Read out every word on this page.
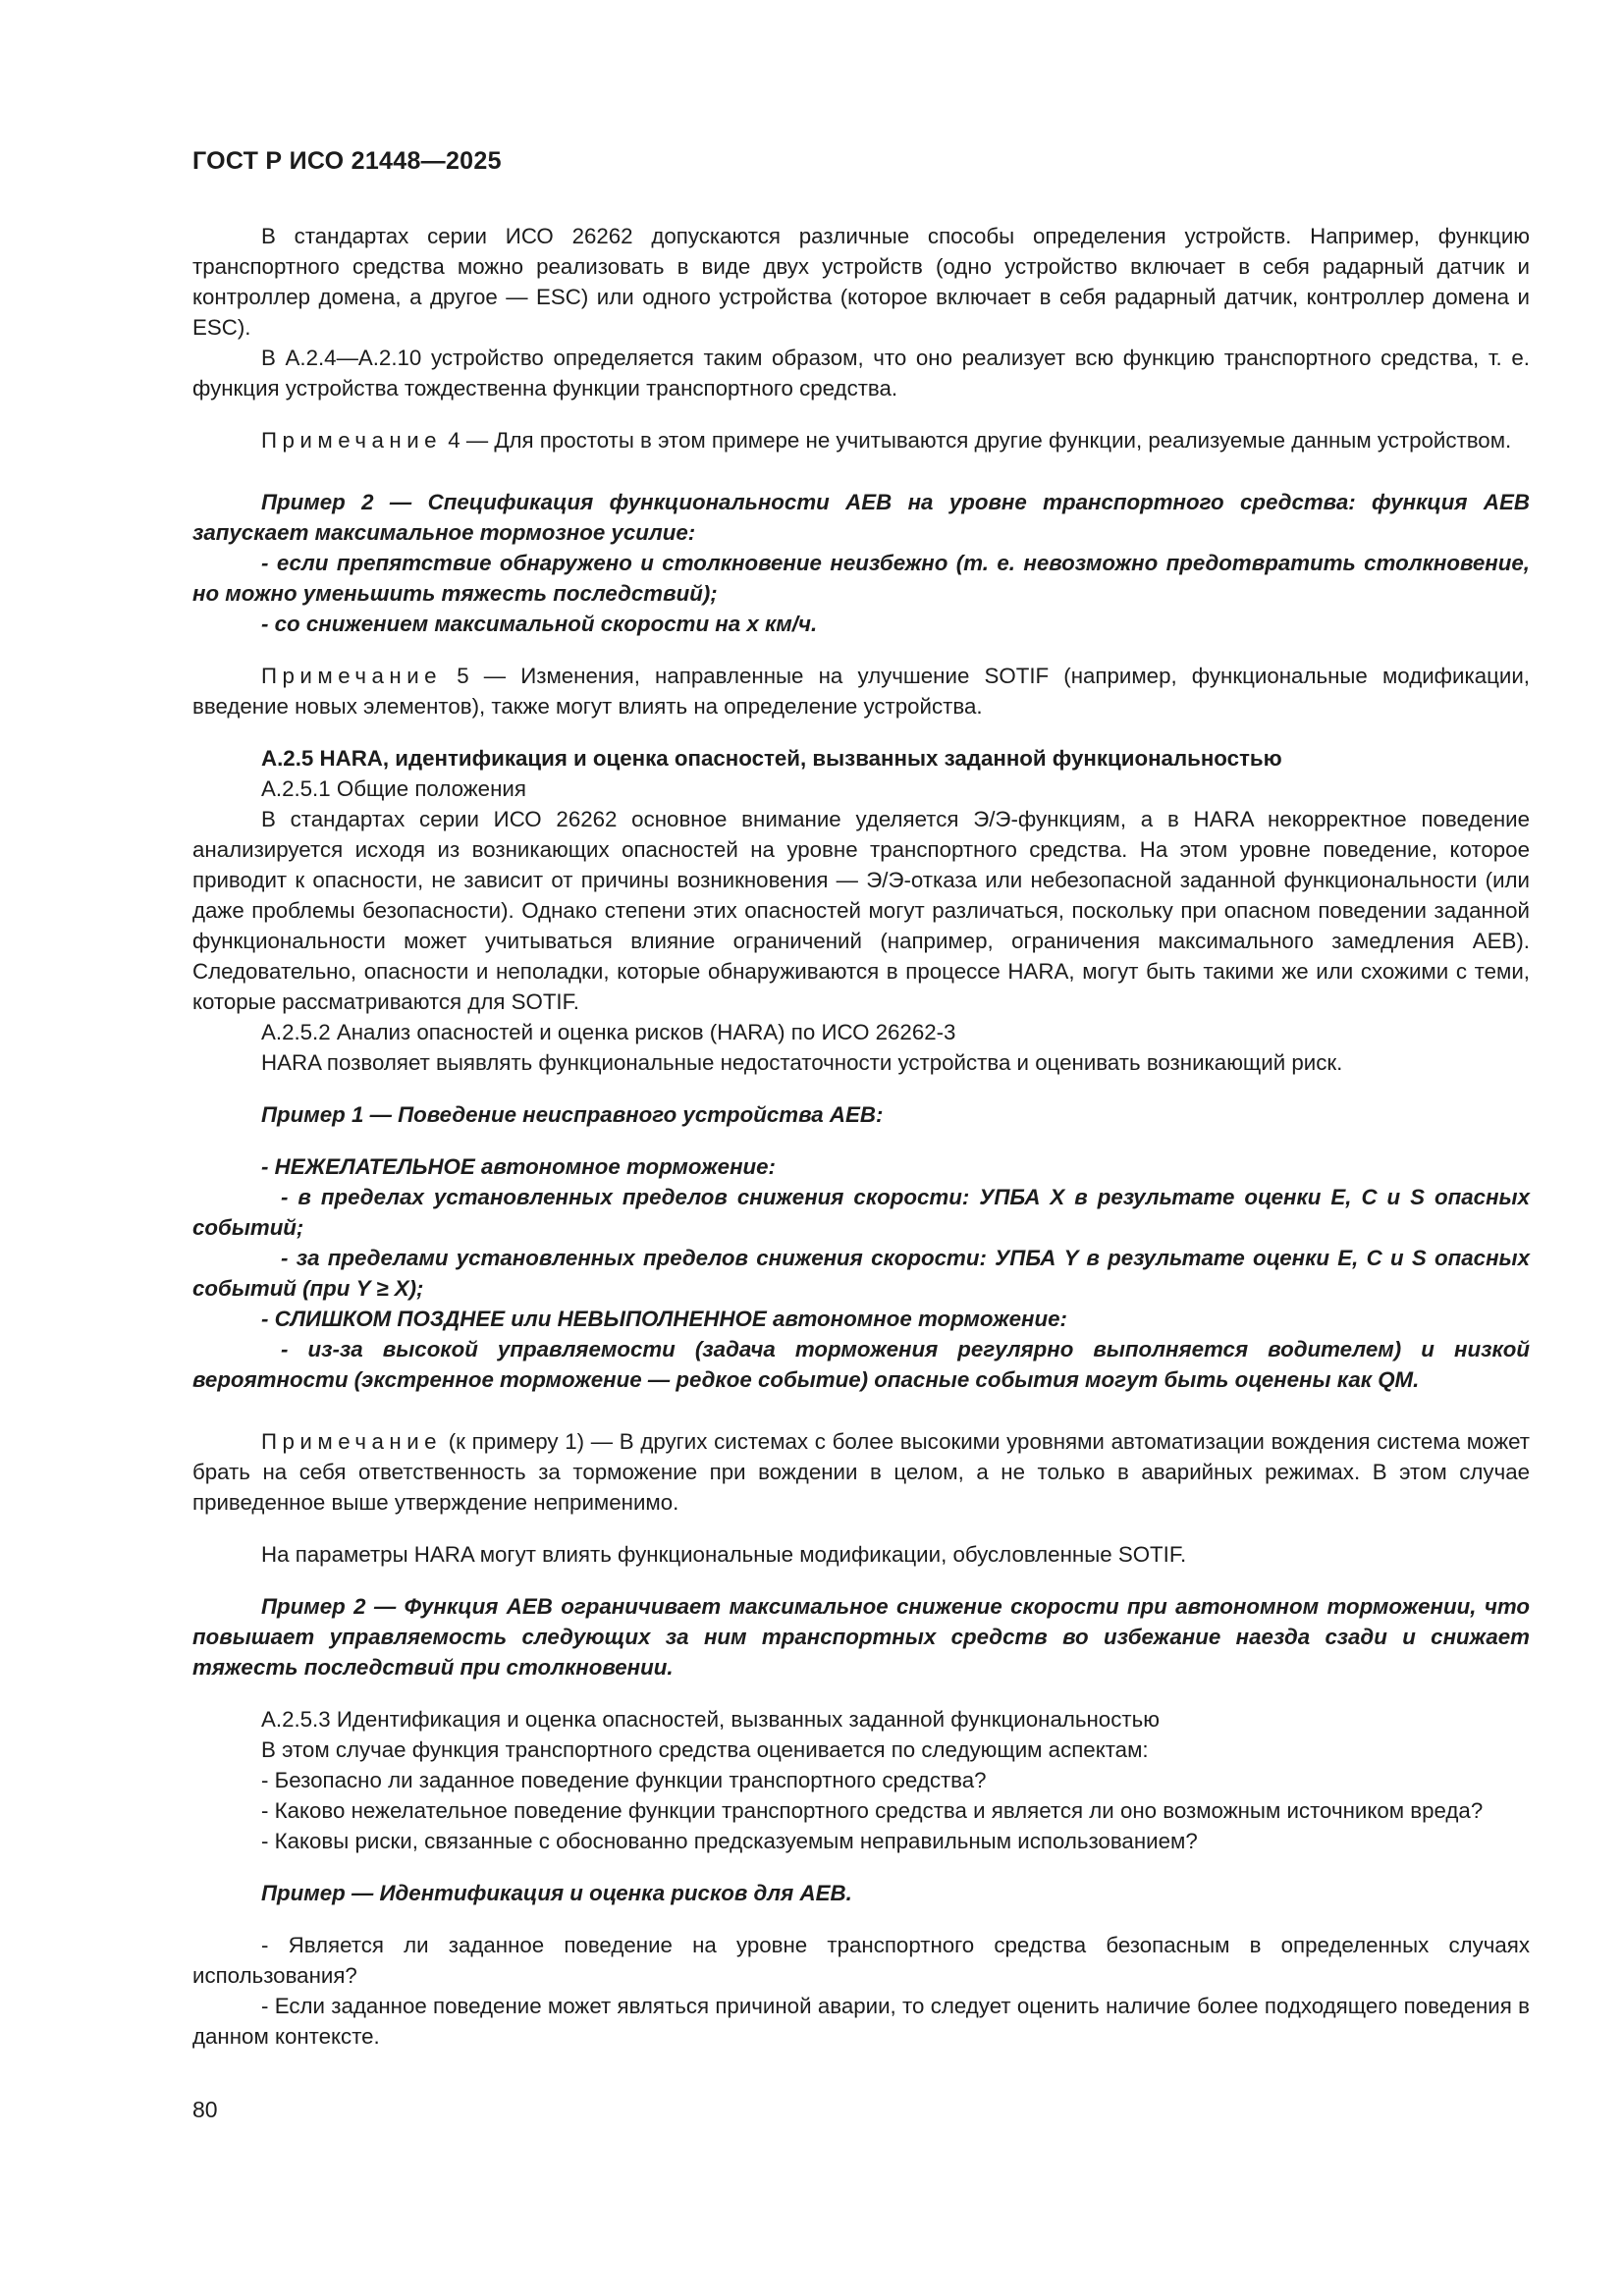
ГОСТ Р ИСО 21448—2025

В стандартах серии ИСО 26262 допускаются различные способы определения устройств. Например, функцию транспортного средства можно реализовать в виде двух устройств (одно устройство включает в себя радарный датчик и контроллер домена, а другое — ESC) или одного устройства (которое включает в себя радарный датчик, контроллер домена и ESC).

В А.2.4—А.2.10 устройство определяется таким образом, что оно реализует всю функцию транспортного средства, т. е. функция устройства тождественна функции транспортного средства.

Примечание 4 — Для простоты в этом примере не учитываются другие функции, реализуемые данным устройством.

Пример 2 — Спецификация функциональности AEB на уровне транспортного средства: функция AEB запускает максимальное тормозное усилие:

- если препятствие обнаружено и столкновение неизбежно (т. е. невозможно предотвратить столкновение, но можно уменьшить тяжесть последствий);

- со снижением максимальной скорости на х км/ч.

Примечание 5 — Изменения, направленные на улучшение SOTIF (например, функциональные модификации, введение новых элементов), также могут влиять на определение устройства.

А.2.5 HARA, идентификация и оценка опасностей, вызванных заданной функциональностью

А.2.5.1 Общие положения

В стандартах серии ИСО 26262 основное внимание уделяется Э/Э-функциям, а в HARA некорректное поведение анализируется исходя из возникающих опасностей на уровне транспортного средства. На этом уровне поведение, которое приводит к опасности, не зависит от причины возникновения — Э/Э-отказа или небезопасной заданной функциональности (или даже проблемы безопасности). Однако степени этих опасностей могут различаться, поскольку при опасном поведении заданной функциональности может учитываться влияние ограничений (например, ограничения максимального замедления AEB). Следовательно, опасности и неполадки, которые обнаруживаются в процессе HARA, могут быть такими же или схожими с теми, которые рассматриваются для SOTIF.

А.2.5.2 Анализ опасностей и оценка рисков (HARA) по ИСО 26262-3

HARA позволяет выявлять функциональные недостаточности устройства и оценивать возникающий риск.

Пример 1 — Поведение неисправного устройства AEB:

- НЕЖЕЛАТЕЛЬНОЕ автономное торможение:

- в пределах установленных пределов снижения скорости: УПБА X в результате оценки E, C и S опасных событий;

- за пределами установленных пределов снижения скорости: УПБА Y в результате оценки E, C и S опасных событий (при Y ≥ X);

- СЛИШКОМ ПОЗДНЕЕ или НЕВЫПОЛНЕННОЕ автономное торможение:

- из-за высокой управляемости (задача торможения регулярно выполняется водителем) и низкой вероятности (экстренное торможение — редкое событие) опасные события могут быть оценены как QM.

Примечание (к примеру 1) — В других системах с более высокими уровнями автоматизации вождения система может брать на себя ответственность за торможение при вождении в целом, а не только в аварийных режимах. В этом случае приведенное выше утверждение неприменимо.

На параметры HARA могут влиять функциональные модификации, обусловленные SOTIF.

Пример 2 — Функция AEB ограничивает максимальное снижение скорости при автономном торможении, что повышает управляемость следующих за ним транспортных средств во избежание наезда сзади и снижает тяжесть последствий при столкновении.

А.2.5.3 Идентификация и оценка опасностей, вызванных заданной функциональностью

В этом случае функция транспортного средства оценивается по следующим аспектам:

- Безопасно ли заданное поведение функции транспортного средства?

- Каково нежелательное поведение функции транспортного средства и является ли оно возможным источником вреда?

- Каковы риски, связанные с обоснованно предсказуемым неправильным использованием?

Пример — Идентификация и оценка рисков для AEB.

- Является ли заданное поведение на уровне транспортного средства безопасным в определенных случаях использования?

- Если заданное поведение может являться причиной аварии, то следует оценить наличие более подходящего поведения в данном контексте.

80
